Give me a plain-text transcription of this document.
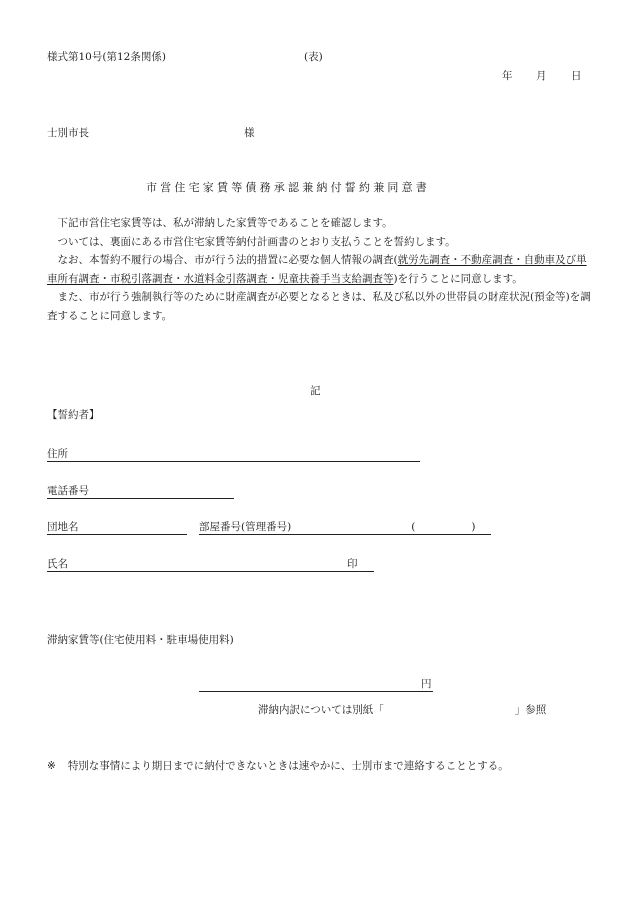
様式第10号(第12条関係)	(表)
年 月 日
士別市長	様
市営住宅家賃等債務承認兼納付誓約兼同意書

下記市営住宅家賃等は、私が滞納した家賃等であることを確認します。

ついては、裏面にある市営住宅家賃等納付計画書のとおり支払うことを誓約します。

なお、本誓約不履行の場合、市が行う法的措置に必要な個人情報の調査(就労先調査・不動産調査・自動車及び単車所有調査・市税引落調査・水道料金引落調査・児童扶養手当支給調査等)を行うことに同意します。

また、市が行う強制執行等のために財産調査が必要となるときは、私及び私以外の世帯員の財産状況(預金等)を調査することに同意します。

記
【誓約者】
住所
電話番号
団地名	部屋番号(管理番号)	(	)
氏名	印
滞納家賃等(住宅使用料・駐車場使用料)
円
滞納内訳については別紙「	」参照
※ 特別な事情により期日までに納付できないときは速やかに、士別市まで連絡することとする。
